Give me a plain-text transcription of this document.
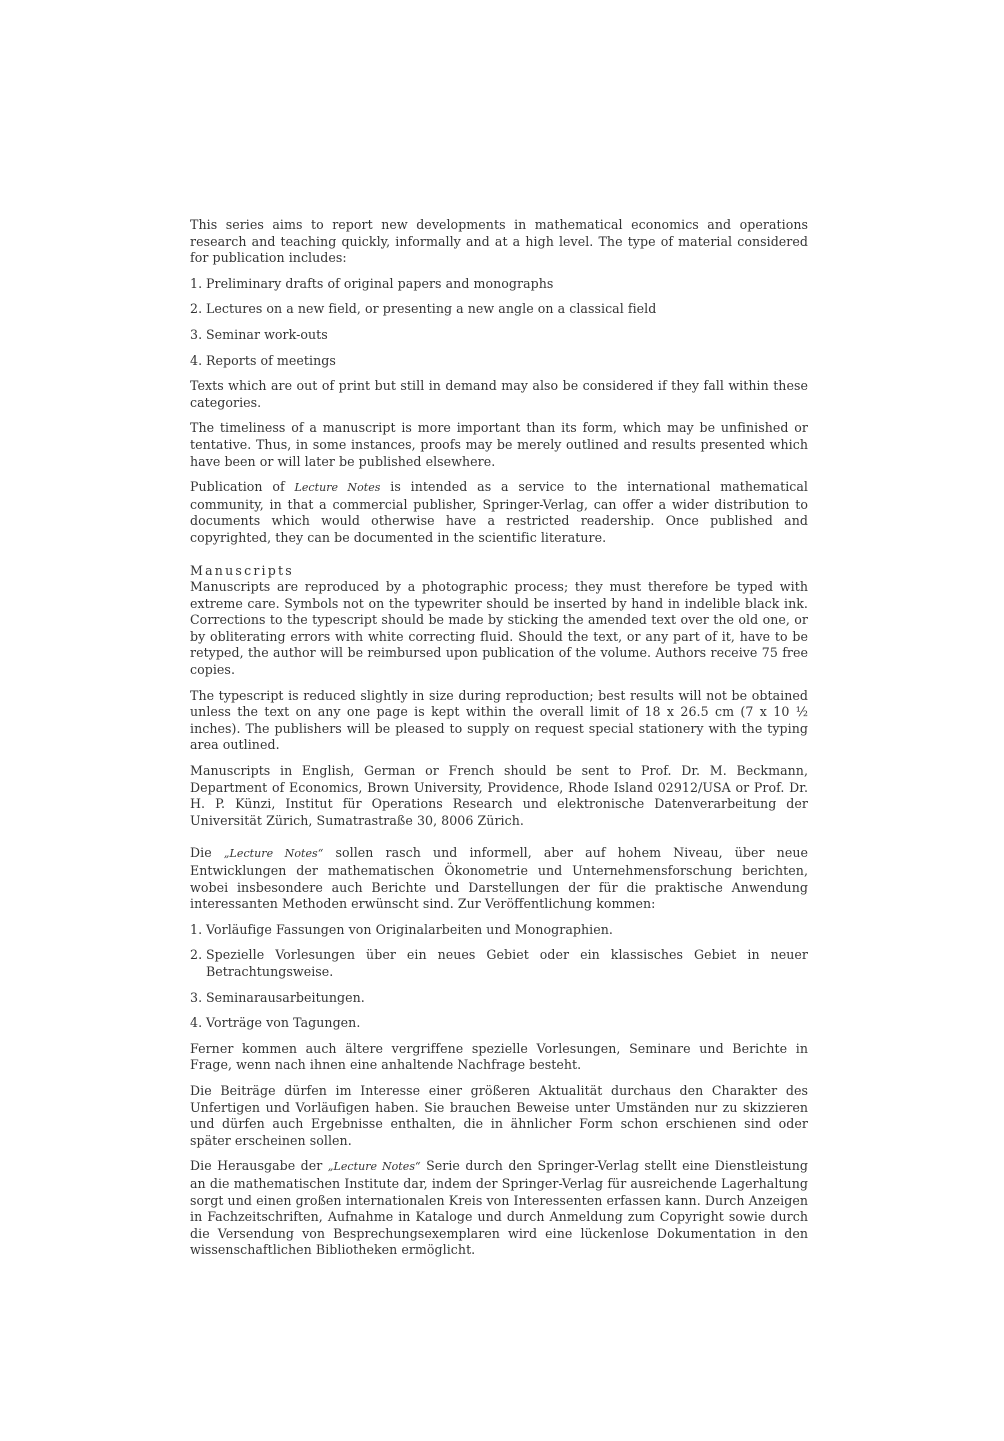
This series aims to report new developments in mathematical economics and operations research and teaching quickly, informally and at a high level. The type of material considered for publication includes:

1. Preliminary drafts of original papers and monographs
2. Lectures on a new field, or presenting a new angle on a classical field
3. Seminar work-outs
4. Reports of meetings

Texts which are out of print but still in demand may also be considered if they fall within these categories.

The timeliness of a manuscript is more important than its form, which may be unfinished or tentative. Thus, in some instances, proofs may be merely outlined and results presented which have been or will later be published elsewhere.

Publication of Lecture Notes is intended as a service to the international mathematical community, in that a commercial publisher, Springer-Verlag, can offer a wider distribution to documents which would otherwise have a restricted readership. Once published and copyrighted, they can be documented in the scientific literature.

Manuscripts

Manuscripts are reproduced by a photographic process; they must therefore be typed with extreme care. Symbols not on the typewriter should be inserted by hand in indelible black ink. Corrections to the typescript should be made by sticking the amended text over the old one, or by obliterating errors with white correcting fluid. Should the text, or any part of it, have to be retyped, the author will be reimbursed upon publication of the volume. Authors receive 75 free copies.

The typescript is reduced slightly in size during reproduction; best results will not be obtained unless the text on any one page is kept within the overall limit of 18 x 26.5 cm (7 x 10 ½ inches). The publishers will be pleased to supply on request special stationery with the typing area outlined.

Manuscripts in English, German or French should be sent to Prof. Dr. M. Beckmann, Department of Economics, Brown University, Providence, Rhode Island 02912/USA or Prof. Dr. H. P. Künzi, Institut für Operations Research und elektronische Datenverarbeitung der Universität Zürich, Sumatrastraße 30, 8006 Zürich.

Die „Lecture Notes“ sollen rasch und informell, aber auf hohem Niveau, über neue Entwicklungen der mathematischen Ökonometrie und Unternehmensforschung berichten, wobei insbesondere auch Berichte und Darstellungen der für die praktische Anwendung interessanten Methoden erwünscht sind. Zur Veröffentlichung kommen:

1. Vorläufige Fassungen von Originalarbeiten und Monographien.
2. Spezielle Vorlesungen über ein neues Gebiet oder ein klassisches Gebiet in neuer Betrachtungsweise.
3. Seminarausarbeitungen.
4. Vorträge von Tagungen.

Ferner kommen auch ältere vergriffene spezielle Vorlesungen, Seminare und Berichte in Frage, wenn nach ihnen eine anhaltende Nachfrage besteht.

Die Beiträge dürfen im Interesse einer größeren Aktualität durchaus den Charakter des Unfertigen und Vorläufigen haben. Sie brauchen Beweise unter Umständen nur zu skizzieren und dürfen auch Ergebnisse enthalten, die in ähnlicher Form schon erschienen sind oder später erscheinen sollen.

Die Herausgabe der „Lecture Notes“ Serie durch den Springer-Verlag stellt eine Dienstleistung an die mathematischen Institute dar, indem der Springer-Verlag für ausreichende Lagerhaltung sorgt und einen großen internationalen Kreis von Interessenten erfassen kann. Durch Anzeigen in Fachzeitschriften, Aufnahme in Kataloge und durch Anmeldung zum Copyright sowie durch die Versendung von Besprechungsexemplaren wird eine lückenlose Dokumentation in den wissenschaftlichen Bibliotheken ermöglicht.
